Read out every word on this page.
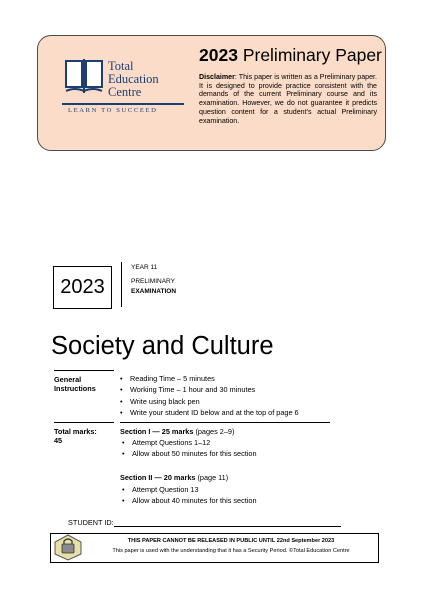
Total
Education
Centre
LEARN TO SUCCEED
2023 Preliminary Paper
Disclaimer: This paper is written as a Preliminary paper. It is designed to provide practice consistent with the demands of the current Preliminary course and its examination. However, we do not guarantee it predicts question content for a student’s actual Preliminary examination.
2023
YEAR 11
PRELIMINARY
EXAMINATION
Society and Culture
General
Instructions
• Reading Time – 5 minutes
• Working Time – 1 hour and 30 minutes
• Write using black pen
• Write your student ID below and at the top of page 6
Total marks:
45
Section I — 25 marks (pages 2–9)
• Attempt Questions 1–12
• Allow about 50 minutes for this section
Section II — 20 marks (page 11)
• Attempt Question 13
• Allow about 40 minutes for this section
STUDENT ID:
THIS PAPER CANNOT BE RELEASED IN PUBLIC UNTIL 22nd September 2023
This paper is used with the understanding that it has a Security Period. ©Total Education Centre
